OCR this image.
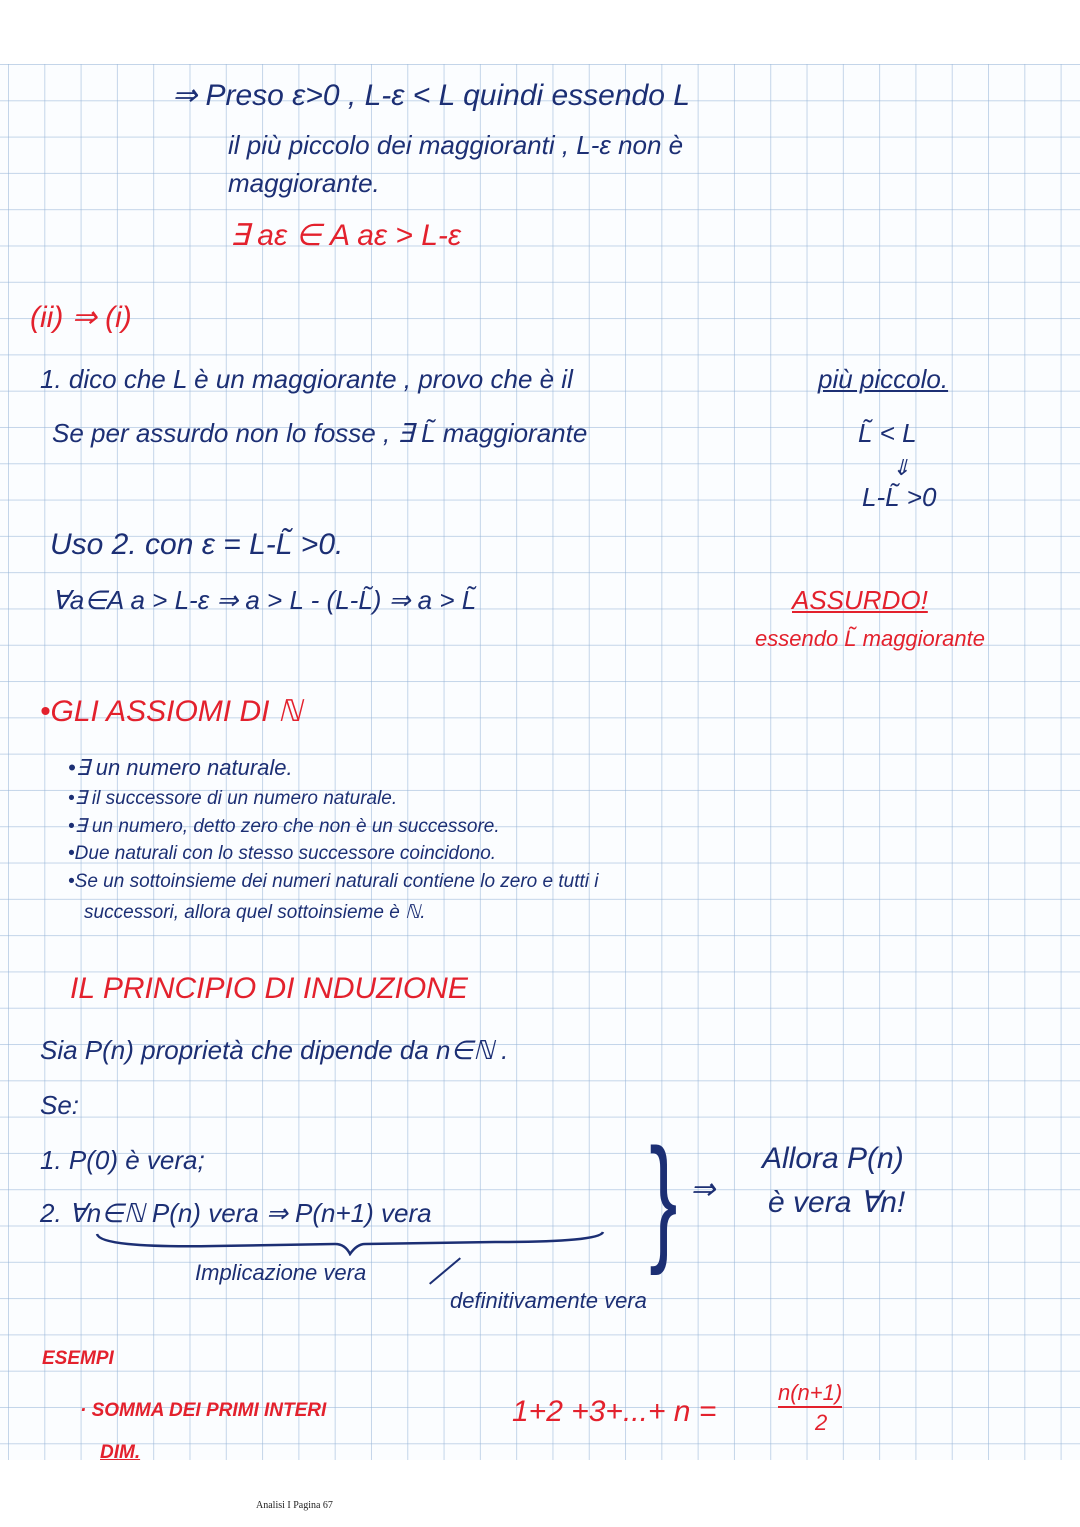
⇒ Preso ε>0 , L-ε < L quindi essendo L
il più piccolo dei maggioranti , L-ε non è
maggiorante.
∃ aε ∈ A aε > L-ε
(ii) ⇒ (i)
1. dico che L è un maggiorante , provo che è il	più piccolo.
Se per assurdo non lo fosse , ∃ L̃ maggiorante	L̃ < L
⇓
L-L̃ >0
Uso 2. con ε = L-L̃ >0.
∀a∈A a > L-ε ⇒ a > L - (L-L̃) ⇒ a > L̃	ASSURDO!
essendo L̃ maggiorante
•GLI ASSIOMI DI ℕ
•∃ un numero naturale.
•∃ il successore di un numero naturale.
•∃ un numero, detto zero che non è un successore.
•Due naturali con lo stesso successore coincidono.
•Se un sottoinsieme dei numeri naturali contiene lo zero e tutti i
successori, allora quel sottoinsieme è ℕ.
IL PRINCIPIO DI INDUZIONE
Sia P(n) proprietà che dipende da n∈ℕ .
Se:
1. P(0) è vera;
2. ∀n∈ℕ P(n) vera ⇒ P(n+1) vera } ⇒
Allora P(n)
è vera ∀n!
Implicazione vera
definitivamente vera
ESEMPI
· SOMMA DEI PRIMI INTERI	1+2 +3+...+ n =
n(n+1)
2
DIM.
Analisi I Pagina 67
